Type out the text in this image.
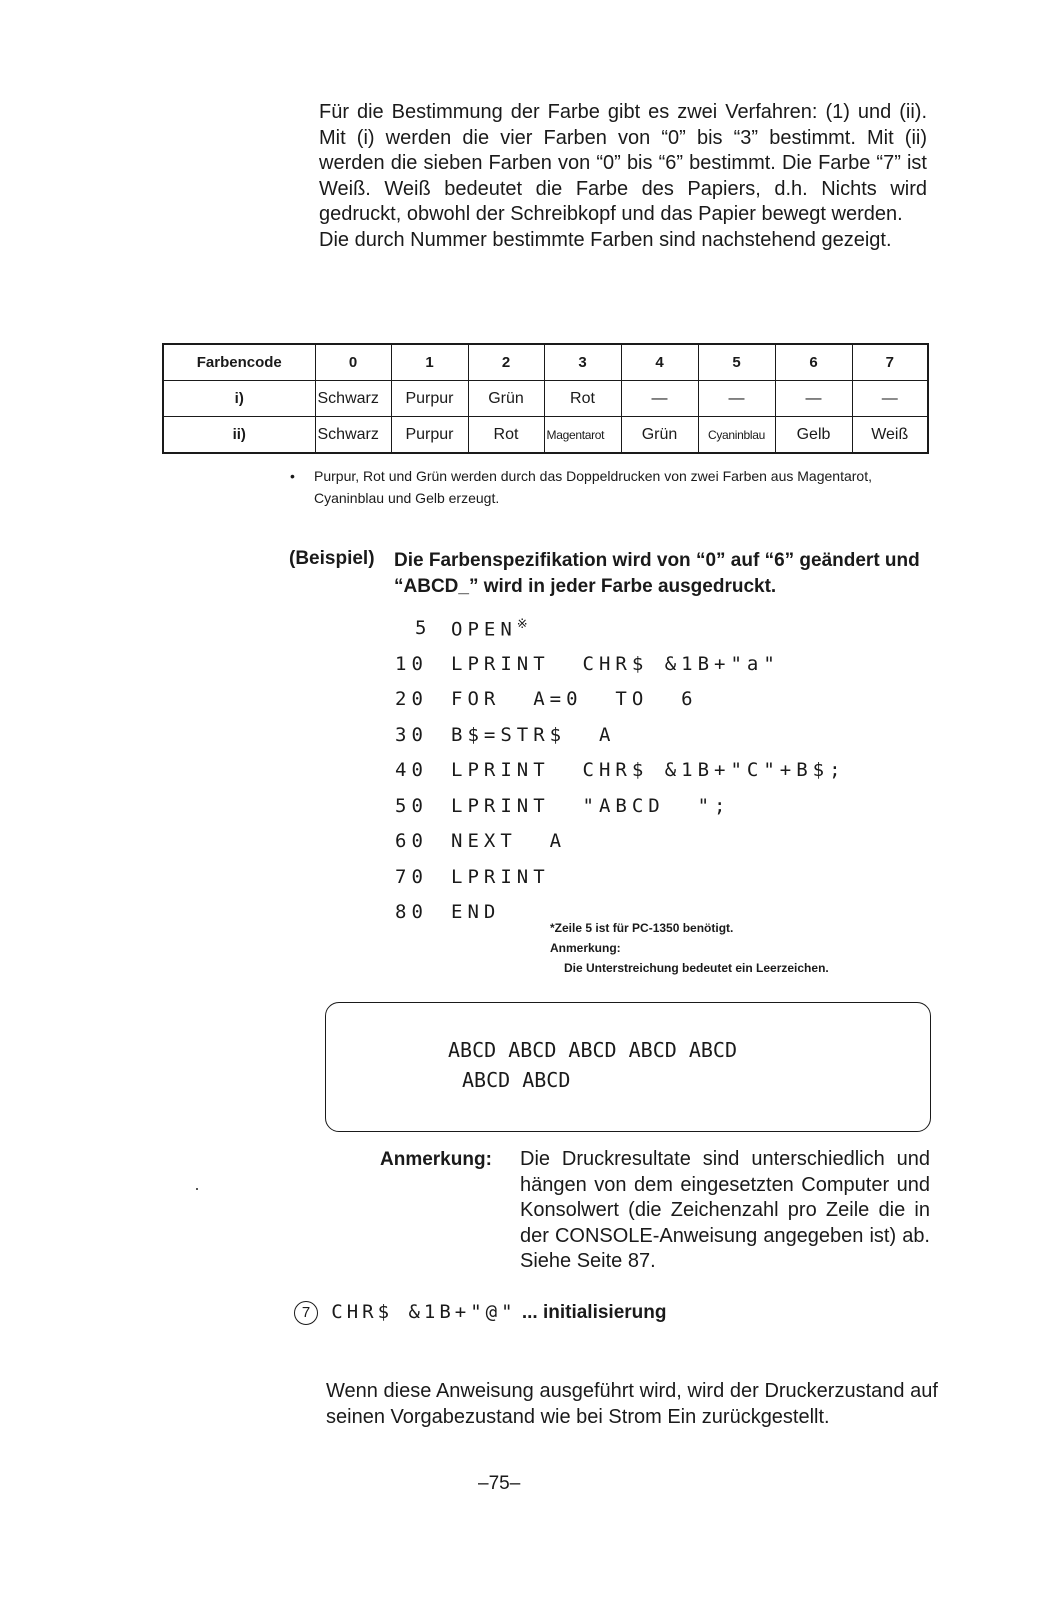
Für die Bestimmung der Farbe gibt es zwei Verfahren: (1) und (ii). Mit (i) werden die vier Farben von “0” bis “3” bestimmt. Mit (ii) werden die sieben Farben von “0” bis “6” bestimmt. Die Farbe “7” ist Weiß. Weiß bedeutet die Farbe des Papiers, d.h. Nichts wird gedruckt, obwohl der Schreibkopf und das Papier bewegt werden.

Die durch Nummer bestimmte Farben sind nachstehend gezeigt.

Farbencode	0	1	2	3	4	5	6	7
i)	Schwarz	Purpur	Grün	Rot	—	—	—	—
ii)	Schwarz	Purpur	Rot	Magentarot	Grün	Cyaninblau	Gelb	Weiß
• Purpur, Rot und Grün werden durch das Doppeldrucken von zwei Farben aus Magentarot, Cyaninblau und Gelb erzeugt.
(Beispiel) Die Farbenspezifikation wird von “0” auf “6” geändert und “ABCD_” wird in jeder Farbe ausgedruckt.
5	OPEN※
10	LPRINT  CHR$ &1B+"a"
20	FOR  A=0  TO  6
30	B$=STR$  A
40	LPRINT  CHR$ &1B+"C"+B$;
50	LPRINT  "ABCD  ";
60	NEXT  A
70	LPRINT
80	END
*Zeile 5 ist für PC-1350 benötigt.
Anmerkung:
Die Unterstreichung bedeutet ein Leerzeichen.
ABCD ABCD ABCD ABCD ABCD
ABCD ABCD
Anmerkung: Die Druckresultate sind unterschiedlich und hängen von dem eingesetzten Computer und Konsolwert (die Zeichenzahl pro Zeile die in der CONSOLE-Anweisung angegeben ist) ab. Siehe Seite 87.
7 CHR$ &1B+"@" ... initialisierung
Wenn diese Anweisung ausgeführt wird, wird der Druckerzustand auf seinen Vorgabezustand wie bei Strom Ein zurückgestellt.
–75–
